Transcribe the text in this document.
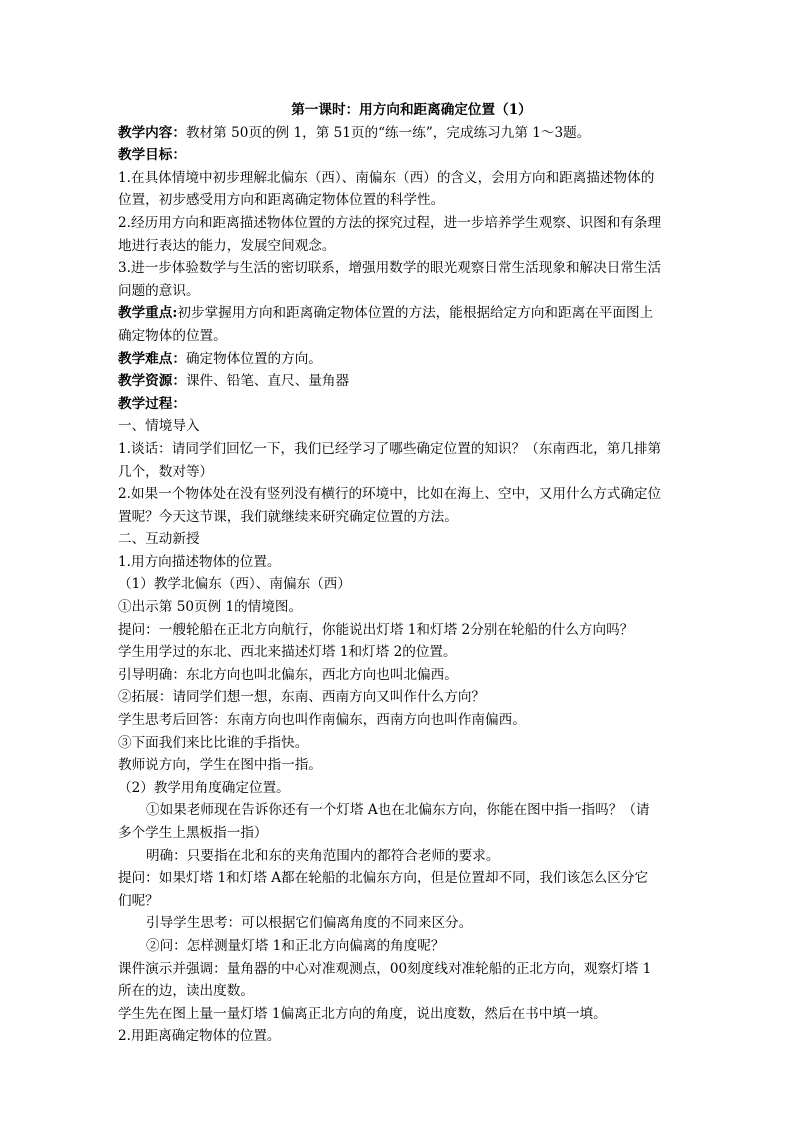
第一课时：用方向和距离确定位置（1）
教学内容：教材第 50页的例 1，第 51页的“练一练”，完成练习九第 1～3题。
教学目标：
1.在具体情境中初步理解北偏东（西）、南偏东（西）的含义，会用方向和距离描述物体的
位置，初步感受用方向和距离确定物体位置的科学性。
2.经历用方向和距离描述物体位置的方法的探究过程，进一步培养学生观察、识图和有条理
地进行表达的能力，发展空间观念。
3.进一步体验数学与生活的密切联系，增强用数学的眼光观察日常生活现象和解决日常生活
问题的意识。
教学重点:初步掌握用方向和距离确定物体位置的方法，能根据给定方向和距离在平面图上
确定物体的位置。
教学难点：确定物体位置的方向。
教学资源：课件、铅笔、直尺、量角器
教学过程：
一、情境导入
1.谈话：请同学们回忆一下，我们已经学习了哪些确定位置的知识？（东南西北，第几排第
几个，数对等）
2.如果一个物体处在没有竖列没有横行的环境中，比如在海上、空中，又用什么方式确定位
置呢？今天这节课，我们就继续来研究确定位置的方法。
二、互动新授
1.用方向描述物体的位置。
（1）教学北偏东（西）、南偏东（西）
①出示第 50页例 1的情境图。
提问：一艘轮船在正北方向航行，你能说出灯塔 1和灯塔 2分别在轮船的什么方向吗？
学生用学过的东北、西北来描述灯塔 1和灯塔 2的位置。
引导明确：东北方向也叫北偏东，西北方向也叫北偏西。
②拓展：请同学们想一想，东南、西南方向又叫作什么方向？
学生思考后回答：东南方向也叫作南偏东，西南方向也叫作南偏西。
③下面我们来比比谁的手指快。
教师说方向，学生在图中指一指。
（2）教学用角度确定位置。
①如果老师现在告诉你还有一个灯塔 A也在北偏东方向，你能在图中指一指吗？（请
多个学生上黑板指一指）
明确：只要指在北和东的夹角范围内的都符合老师的要求。
提问：如果灯塔 1和灯塔 A都在轮船的北偏东方向，但是位置却不同，我们该怎么区分它
们呢？
引导学生思考：可以根据它们偏离角度的不同来区分。
②问：怎样测量灯塔 1和正北方向偏离的角度呢？
课件演示并强调：量角器的中心对准观测点，00刻度线对准轮船的正北方向，观察灯塔 1
所在的边，读出度数。
学生先在图上量一量灯塔 1偏离正北方向的角度，说出度数，然后在书中填一填。
2.用距离确定物体的位置。
